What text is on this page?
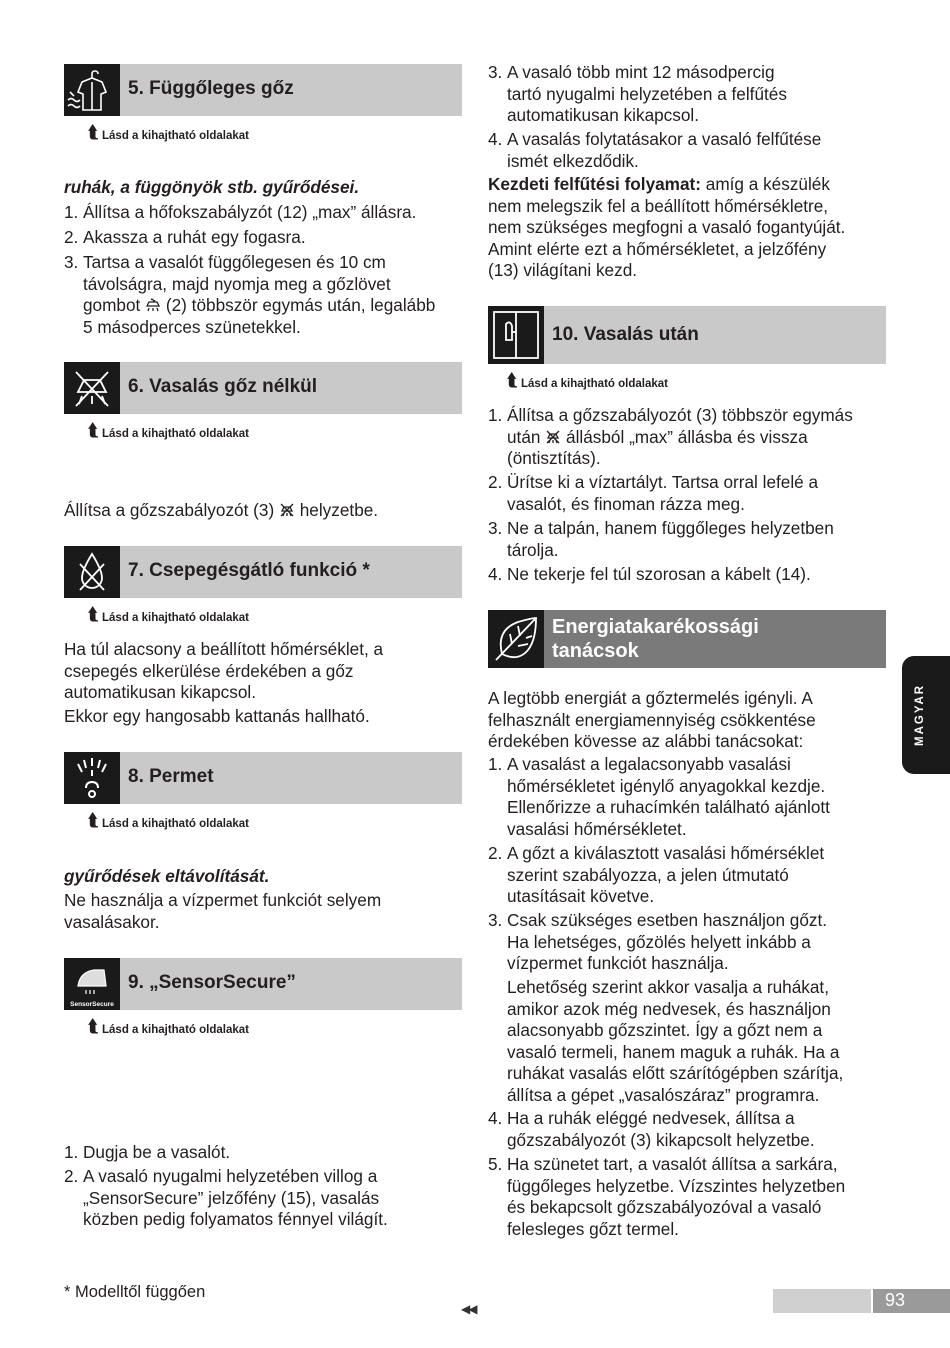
5. Függőleges gőz
⮬ Lásd a kihajtható oldalakat
ruhák, a függönyök stb. gyűrődései.
1. Állítsa a hőfokszabályzót (12) „max” állásra.
2. Akassza a ruhát egy fogasra.
3. Tartsa a vasalót függőlegesen és 10 cm
távolságra, majd nyomja meg a gőzlövet
gombot (2) többször egymás után, legalább
5 másodperces szünetekkel.
6. Vasalás gőz nélkül
⮬ Lásd a kihajtható oldalakat
Állítsa a gőzszabályozót (3) helyzetbe.
7. Csepegésgátló funkció *
⮬ Lásd a kihajtható oldalakat
Ha túl alacsony a beállított hőmérséklet, a
csepegés elkerülése érdekében a gőz
automatikusan kikapcsol.
Ekkor egy hangosabb kattanás hallható.
8. Permet
⮬ Lásd a kihajtható oldalakat
gyűrődések eltávolítását.
Ne használja a vízpermet funkciót selyem
vasalásakor.
SensorSecure
9. „SensorSecure”
⮬ Lásd a kihajtható oldalakat
1. Dugja be a vasalót.
2. A vasaló nyugalmi helyzetében villog a
„SensorSecure” jelzőfény (15), vasalás
közben pedig folyamatos fénnyel világít.
* Modelltől függően
3. A vasaló több mint 12 másodpercig
tartó nyugalmi helyzetében a felfűtés
automatikusan kikapcsol.
4. A vasalás folytatásakor a vasaló felfűtése
ismét elkezdődik.
Kezdeti felfűtési folyamat: amíg a készülék
nem melegszik fel a beállított hőmérsékletre,
nem szükséges megfogni a vasaló fogantyúját.
Amint elérte ezt a hőmérsékletet, a jelzőfény
(13) világítani kezd.
10. Vasalás után
⮬ Lásd a kihajtható oldalakat
1. Állítsa a gőzszabályozót (3) többször egymás
után állásból „max” állásba és vissza
(öntisztítás).
2. Ürítse ki a víztartályt. Tartsa orral lefelé a
vasalót, és finoman rázza meg.
3. Ne a talpán, hanem függőleges helyzetben
tárolja.
4. Ne tekerje fel túl szorosan a kábelt (14).
Energiatakarékossági
tanácsok
A legtöbb energiát a gőztermelés igényli. A
felhasznált energiamennyiség csökkentése
érdekében kövesse az alábbi tanácsokat:
1. A vasalást a legalacsonyabb vasalási
hőmérsékletet igénylő anyagokkal kezdje.
Ellenőrizze a ruhacímkén található ajánlott
vasalási hőmérsékletet.
2. A gőzt a kiválasztott vasalási hőmérséklet
szerint szabályozza, a jelen útmutató
utasításait követve.
3. Csak szükséges esetben használjon gőzt.
Ha lehetséges, gőzölés helyett inkább a
vízpermet funkciót használja.
Lehetőség szerint akkor vasalja a ruhákat,
amikor azok még nedvesek, és használjon
alacsonyabb gőzszintet. Így a gőzt nem a
vasaló termeli, hanem maguk a ruhák. Ha a
ruhákat vasalás előtt szárítógépben szárítja,
állítsa a gépet „vasalószáraz” programra.
4. Ha a ruhák eléggé nedvesek, állítsa a
gőzszabályozót (3) kikapcsolt helyzetbe.
5. Ha szünetet tart, a vasalót állítsa a sarkára,
függőleges helyzetbe. Vízszintes helyzetben
és bekapcsolt gőzszabályozóval a vasaló
felesleges gőzt termel.
MAGYAR
◀◀	93
